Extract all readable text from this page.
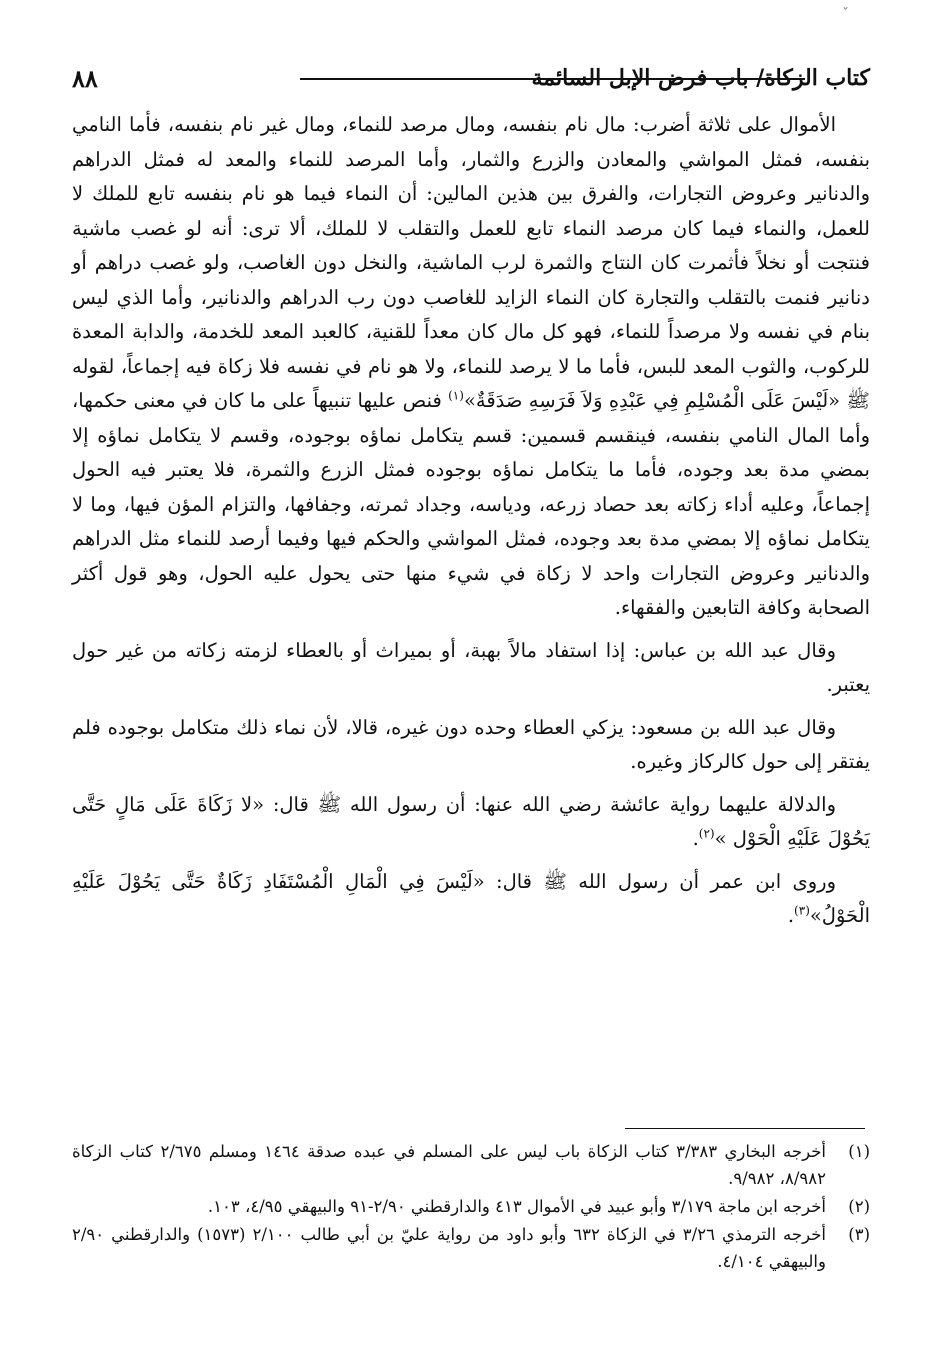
ˇ
كتاب الزكاة/ باب فرض الإبل السائمة
٨٨

الأموال على ثلاثة أضرب: مال نام بنفسه، ومال مرصد للنماء، ومال غير نام بنفسه، فأما النامي بنفسه، فمثل المواشي والمعادن والزرع والثمار، وأما المرصد للنماء والمعد له فمثل الدراهم والدنانير وعروض التجارات، والفرق بين هذين المالين: أن النماء فيما هو نام بنفسه تابع للملك لا للعمل، والنماء فيما كان مرصد النماء تابع للعمل والتقلب لا للملك، ألا ترى: أنه لو غصب ماشية فنتجت أو نخلاً فأثمرت كان النتاج والثمرة لرب الماشية، والنخل دون الغاصب، ولو غصب دراهم أو دنانير فنمت بالتقلب والتجارة كان النماء الزايد للغاصب دون رب الدراهم والدنانير، وأما الذي ليس بنام في نفسه ولا مرصداً للنماء، فهو كل مال كان معداً للقنية، كالعبد المعد للخدمة، والدابة المعدة للركوب، والثوب المعد للبس، فأما ما لا يرصد للنماء، ولا هو نام في نفسه فلا زكاة فيه إجماعاً، لقوله ﷺ «لَيْسَ عَلَى الْمُسْلِمِ فِي عَبْدِهِ وَلاَ فَرَسِهِ صَدَقَةٌ»$^{(١)}$ فنص عليها تنبيهاً على ما كان في معنى حكمها، وأما المال النامي بنفسه، فينقسم قسمين: قسم يتكامل نماؤه بوجوده، وقسم لا يتكامل نماؤه إلا بمضي مدة بعد وجوده، فأما ما يتكامل نماؤه بوجوده فمثل الزرع والثمرة، فلا يعتبر فيه الحول إجماعاً، وعليه أداء زكاته بعد حصاد زرعه، ودياسه، وجداد ثمرته، وجفافها، والتزام المؤن فيها، وما لا يتكامل نماؤه إلا بمضي مدة بعد وجوده، فمثل المواشي والحكم فيها وفيما أرصد للنماء مثل الدراهم والدنانير وعروض التجارات واحد لا زكاة في شيء منها حتى يحول عليه الحول، وهو قول أكثر الصحابة وكافة التابعين والفقهاء.

وقال عبد الله بن عباس: إذا استفاد مالاً بهبة، أو بميراث أو بالعطاء لزمته زكاته من غير حول يعتبر.

وقال عبد الله بن مسعود: يزكي العطاء وحده دون غيره، قالا، لأن نماء ذلك متكامل بوجوده فلم يفتقر إلى حول كالركاز وغيره.

والدلالة عليهما رواية عائشة رضي الله عنها: أن رسول الله ﷺ قال: «لا زَكَاةَ عَلَى مَالٍ حَتَّى يَحُوْلَ عَلَيْهِ الْحَوْل »$^{(٢)}$.

وروى ابن عمر أن رسول الله ﷺ قال: «لَيْسَ فِي الْمَالِ الْمُسْتَفَادِ زَكَاةٌ حَتَّى يَحُوْلَ عَلَيْهِ الْحَوْلُ»$^{(٣)}$.

(١)
أخرجه البخاري ٣/٣٨٣ كتاب الزكاة باب ليس على المسلم في عبده صدقة ١٤٦٤ ومسلم ٢/٦٧٥ كتاب الزكاة ٨/٩٨٢، ٩/٩٨٢.
(٢)
أخرجه ابن ماجة ٣/١٧٩ وأبو عبيد في الأموال ٤١٣ والدارقطني ٢/٩٠-٩١ والبيهقي ٤/٩٥، ١٠٣.
(٣)
أخرجه الترمذي ٣/٢٦ في الزكاة ٦٣٢ وأبو داود من رواية عليّ بن أبي طالب ٢/١٠٠ (١٥٧٣) والدارقطني ٢/٩٠ والبيهقي ٤/١٠٤.
